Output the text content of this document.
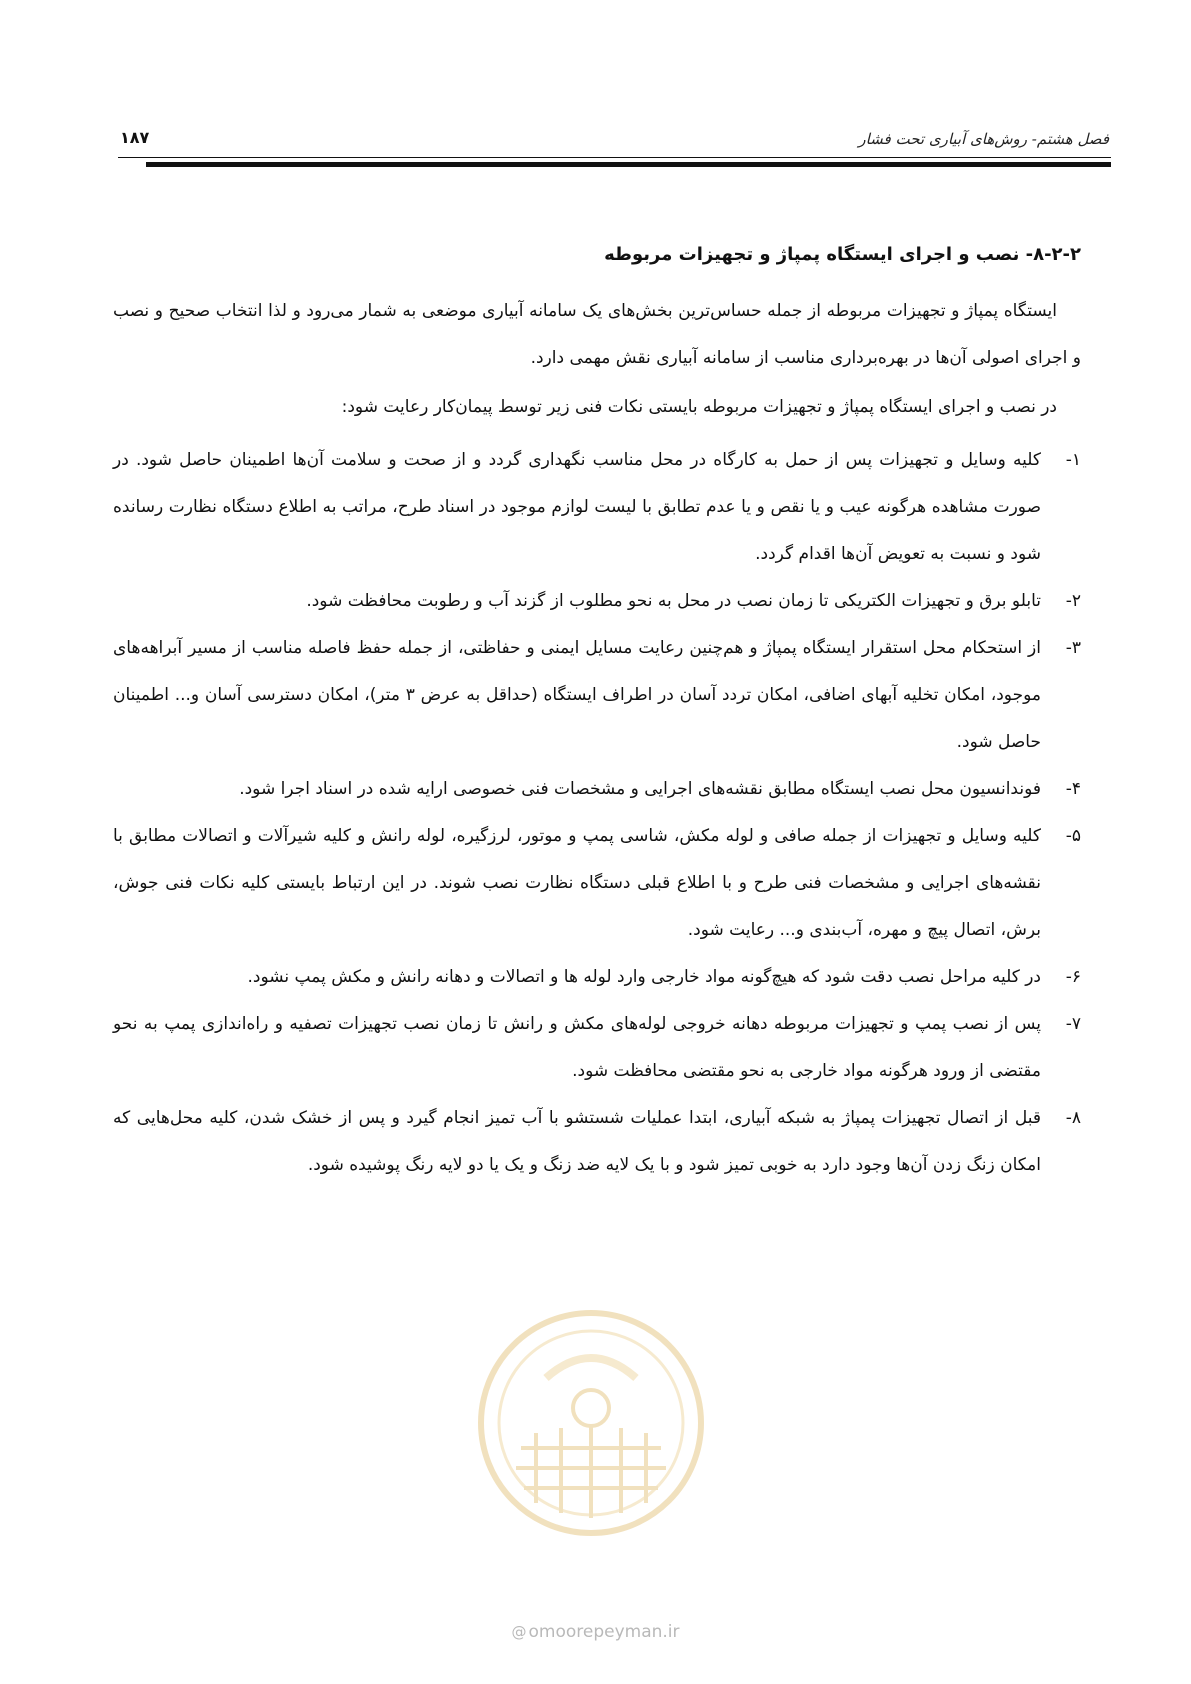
فصل هشتم- روش‌های آبیاری تحت فشار
۱۸۷
۸-۲-۲- نصب و اجرای ایستگاه پمپاژ و تجهیزات مربوطه

ایستگاه پمپاژ و تجهیزات مربوطه از جمله حساس‌ترین بخش‌های یک سامانه آبیاری موضعی به شمار می‌رود و لذا انتخاب صحیح و نصب و اجرای اصولی آن‌ها در بهره‌برداری مناسب از سامانه آبیاری نقش مهمی دارد.

در نصب و اجرای ایستگاه پمپاژ و تجهیزات مربوطه بایستی نکات فنی زیر توسط پیمان‌کار رعایت شود:

۱-
کلیه وسایل و تجهیزات پس از حمل به کارگاه در محل مناسب نگهداری گردد و از صحت و سلامت آن‌ها اطمینان حاصل شود. در صورت مشاهده هرگونه عیب و یا نقص و یا عدم تطابق با لیست لوازم موجود در اسناد طرح، مراتب به اطلاع دستگاه نظارت رسانده شود و نسبت به تعویض آن‌ها اقدام گردد.
۲-
تابلو برق و تجهیزات الکتریکی تا زمان نصب در محل به نحو مطلوب از گزند آب و رطوبت محافظت شود.
۳-
از استحکام محل استقرار ایستگاه پمپاژ و هم‌چنین رعایت مسایل ایمنی و حفاظتی، از جمله حفظ فاصله مناسب از مسیر آبراهه‌های موجود، امکان تخلیه آبهای اضافی، امکان تردد آسان در اطراف ایستگاه (حداقل به عرض ۳ متر)، امکان دسترسی آسان و... اطمینان حاصل شود.
۴-
فوندانسیون محل نصب ایستگاه مطابق نقشه‌های اجرایی و مشخصات فنی خصوصی ارایه شده در اسناد اجرا شود.
۵-
کلیه وسایل و تجهیزات از جمله صافی و لوله مکش، شاسی پمپ و موتور، لرزگیره، لوله رانش و کلیه شیرآلات و اتصالات مطابق با نقشه‌های اجرایی و مشخصات فنی طرح و با اطلاع قبلی دستگاه نظارت نصب شوند. در این ارتباط بایستی کلیه نکات فنی جوش، برش، اتصال پیچ و مهره، آب‌بندی و... رعایت شود.
۶-
در کلیه مراحل نصب دقت شود که هیچ‌گونه مواد خارجی وارد لوله ها و اتصالات و دهانه رانش و مکش پمپ نشود.
۷-
پس از نصب پمپ و تجهیزات مربوطه دهانه خروجی لوله‌های مکش و رانش تا زمان نصب تجهیزات تصفیه و راه‌اندازی پمپ به نحو مقتضی از ورود هرگونه مواد خارجی به نحو مقتضی محافظت شود.
۸-
قبل از اتصال تجهیزات پمپاژ به شبکه آبیاری، ابتدا عملیات شستشو با آب تمیز انجام گیرد و پس از خشک شدن، کلیه محل‌هایی که امکان زنگ زدن آن‌ها وجود دارد به خوبی تمیز شود و با یک لایه ضد زنگ و یک یا دو لایه رنگ پوشیده شود.
@ omoorepeyman.ir
